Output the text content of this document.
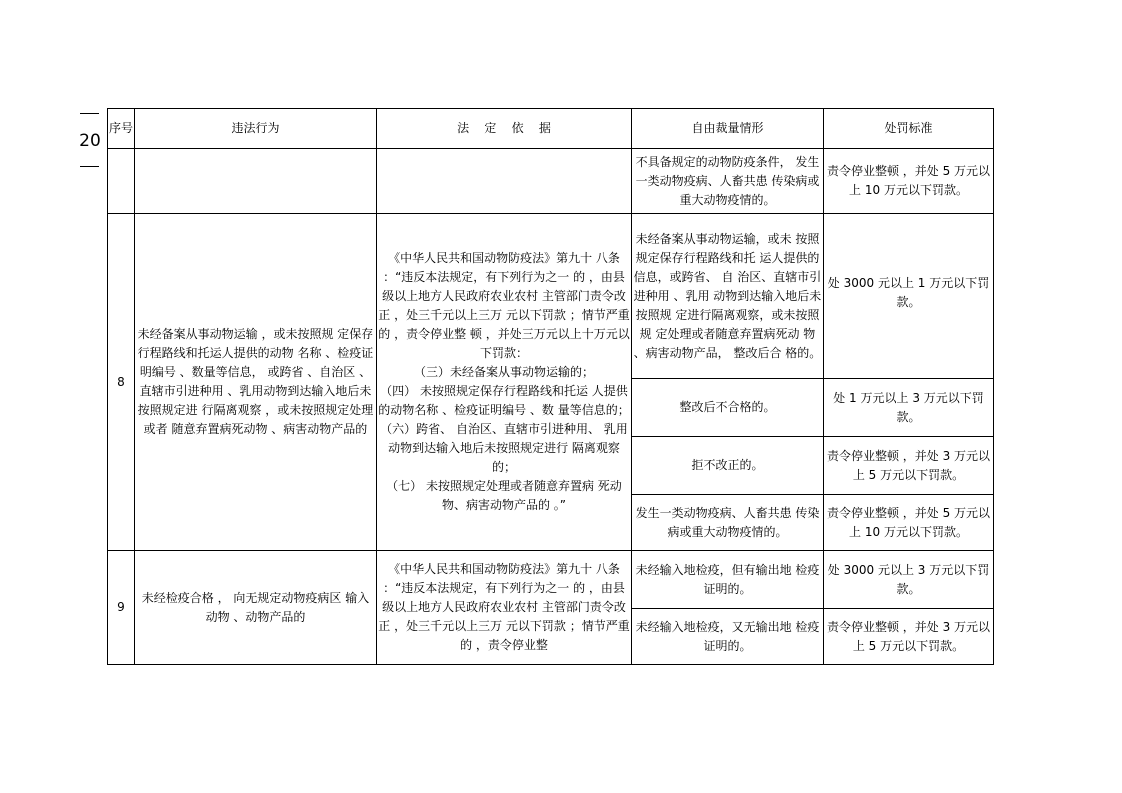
20
序号	违法行为	法    定    依    据	自由裁量情形	处罚标准
			不具备规定的动物防疫条件， 发生一类动物疫病、人畜共患 传染病或重大动物疫情的。	责令停业整顿 ，并处 5 万元以上 10 万元以下罚款。
8	未经备案从事动物运输 ，或未按照规 定保存行程路线和托运人提供的动物 名称 、检疫证明编号 、数量等信息， 或跨省 、自治区 、直辖市引进种用 、乳用动物到达输入地后未按照规定进 行隔离观察 ，或未按照规定处理或者 随意弃置病死动物 、病害动物产品的	《中华人民共和国动物防疫法》第九十 八条 ：“违反本法规定，有下列行为之一 的 ，由县级以上地方人民政府农业农村 主管部门责令改正 ，处三千元以上三万 元以下罚款 ；情节严重的 ，责令停业整 顿 ，并处三万元以上十万元以下罚款：
（三）未经备案从事动物运输的；
（四） 未按照规定保存行程路线和托运 人提供的动物名称 、检疫证明编号 、数 量等信息的；
（六）跨省、 自治区、直辖市引进种用、 乳用动物到达输入地后未按照规定进行 隔离观察的；
（七） 未按照规定处理或者随意弃置病 死动物、病害动物产品的 。”	未经备案从事动物运输，或未 按照规定保存行程路线和托 运人提供的信息，或跨省、 自 治区、直辖市引进种用 、乳用 动物到达输入地后未按照规 定进行隔离观察，或未按照规 定处理或者随意弃置病死动 物 、病害动物产品， 整改后合 格的。	处 3000 元以上 1 万元以下罚款。
			整改后不合格的。	处 1 万元以上 3 万元以下罚款。
			拒不改正的。	责令停业整顿 ，并处 3 万元以上 5 万元以下罚款。
			发生一类动物疫病、人畜共患 传染病或重大动物疫情的。	责令停业整顿 ，并处 5 万元以上 10 万元以下罚款。
9	未经检疫合格 ， 向无规定动物疫病区 输入动物 、动物产品的	《中华人民共和国动物防疫法》第九十 八条 ：“违反本法规定，有下列行为之一 的 ，由县级以上地方人民政府农业农村 主管部门责令改正 ，处三千元以上三万 元以下罚款 ；情节严重的 ，责令停业整	未经输入地检疫，但有输出地 检疫证明的。	处 3000 元以上 3 万元以下罚款。
			未经输入地检疫，又无输出地 检疫证明的。	责令停业整顿 ，并处 3 万元以上 5 万元以下罚款。
